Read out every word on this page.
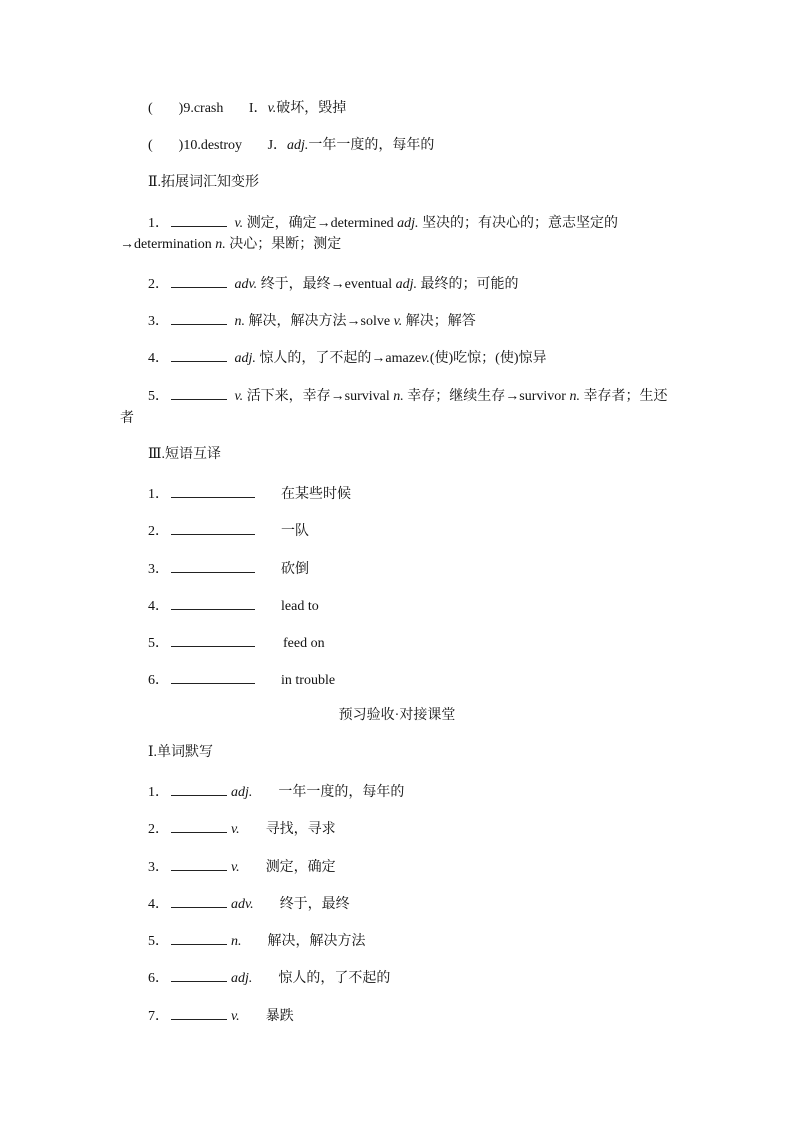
( )9.crash I．v.破坏，毁掉
( )10.destroy J．adj.一年一度的，每年的
Ⅱ.拓展词汇知变形
1．	v. 测定，确定→determined adj. 坚决的；有决心的；意志坚定的
→determination n. 决心；果断；测定
2．	adv. 终于，最终→eventual adj. 最终的；可能的
3．	n. 解决，解决方法→solve v. 解决；解答
4．	adj. 惊人的，了不起的→amazev.(使)吃惊；(使)惊异
5．	v. 活下来，幸存→survival n. 幸存；继续生存→survivor n. 幸存者；生还
者
Ⅲ.短语互译
1．	在某些时候
2．	一队
3．	砍倒
4．	lead to
5．	feed on
6．	in trouble
预习验收·对接课堂
Ⅰ.单词默写
1．	adj. 一年一度的，每年的
2．	v. 寻找，寻求
3．	v. 测定，确定
4．	adv. 终于，最终
5．	n. 解决，解决方法
6．	adj. 惊人的，了不起的
7．	v. 暴跌
